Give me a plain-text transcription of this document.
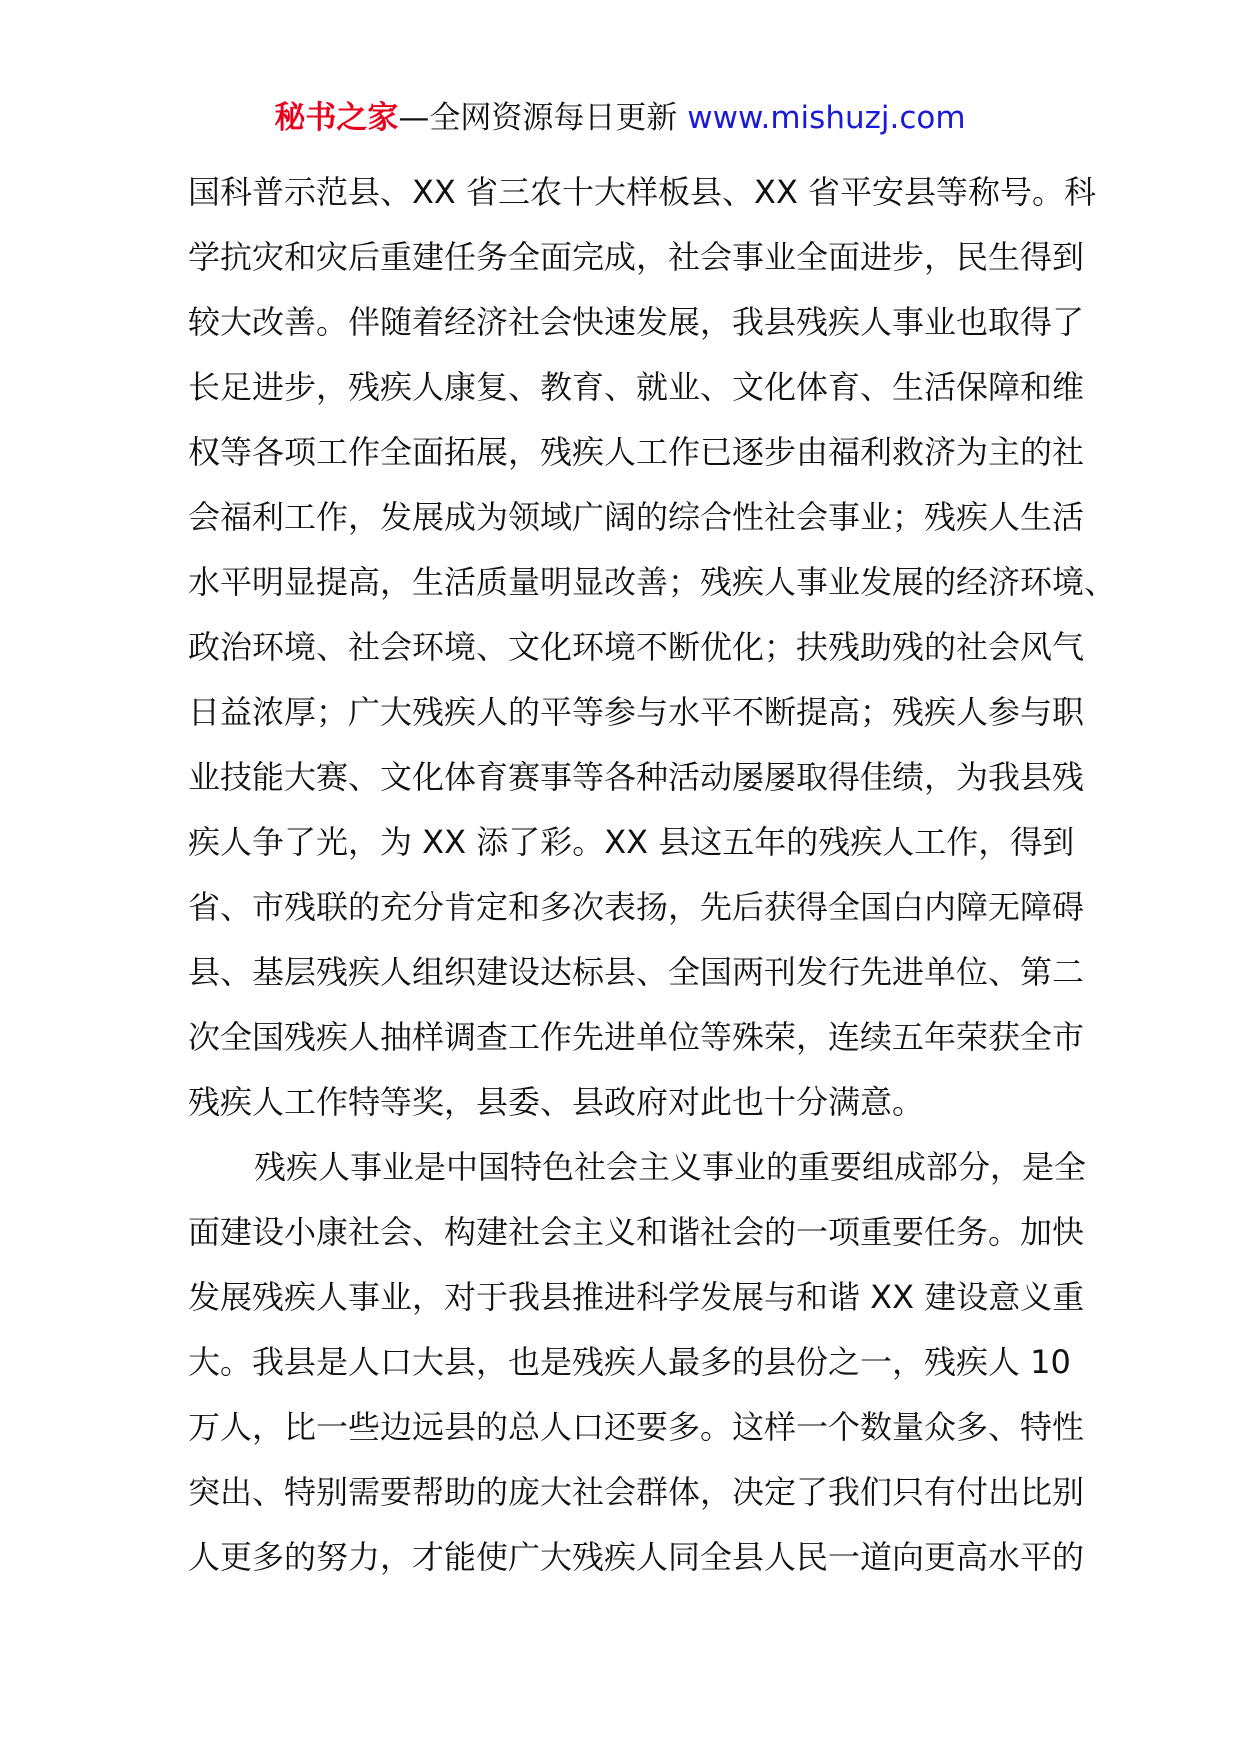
秘书之家—全网资源每日更新 www.mishuzj.com
国科普示范县、XX 省三农十大样板县、XX 省平安县等称号。科
学抗灾和灾后重建任务全面完成，社会事业全面进步，民生得到
较大改善。伴随着经济社会快速发展，我县残疾人事业也取得了
长足进步，残疾人康复、教育、就业、文化体育、生活保障和维
权等各项工作全面拓展，残疾人工作已逐步由福利救济为主的社
会福利工作，发展成为领域广阔的综合性社会事业；残疾人生活
水平明显提高，生活质量明显改善；残疾人事业发展的经济环境、
政治环境、社会环境、文化环境不断优化；扶残助残的社会风气
日益浓厚；广大残疾人的平等参与水平不断提高；残疾人参与职
业技能大赛、文化体育赛事等各种活动屡屡取得佳绩，为我县残
疾人争了光，为 XX 添了彩。XX 县这五年的残疾人工作，得到
省、市残联的充分肯定和多次表扬，先后获得全国白内障无障碍
县、基层残疾人组织建设达标县、全国两刊发行先进单位、第二
次全国残疾人抽样调查工作先进单位等殊荣，连续五年荣获全市
残疾人工作特等奖，县委、县政府对此也十分满意。
残疾人事业是中国特色社会主义事业的重要组成部分，是全
面建设小康社会、构建社会主义和谐社会的一项重要任务。加快
发展残疾人事业，对于我县推进科学发展与和谐 XX 建设意义重
大。我县是人口大县，也是残疾人最多的县份之一，残疾人 10
万人，比一些边远县的总人口还要多。这样一个数量众多、特性
突出、特别需要帮助的庞大社会群体，决定了我们只有付出比别
人更多的努力，才能使广大残疾人同全县人民一道向更高水平的
